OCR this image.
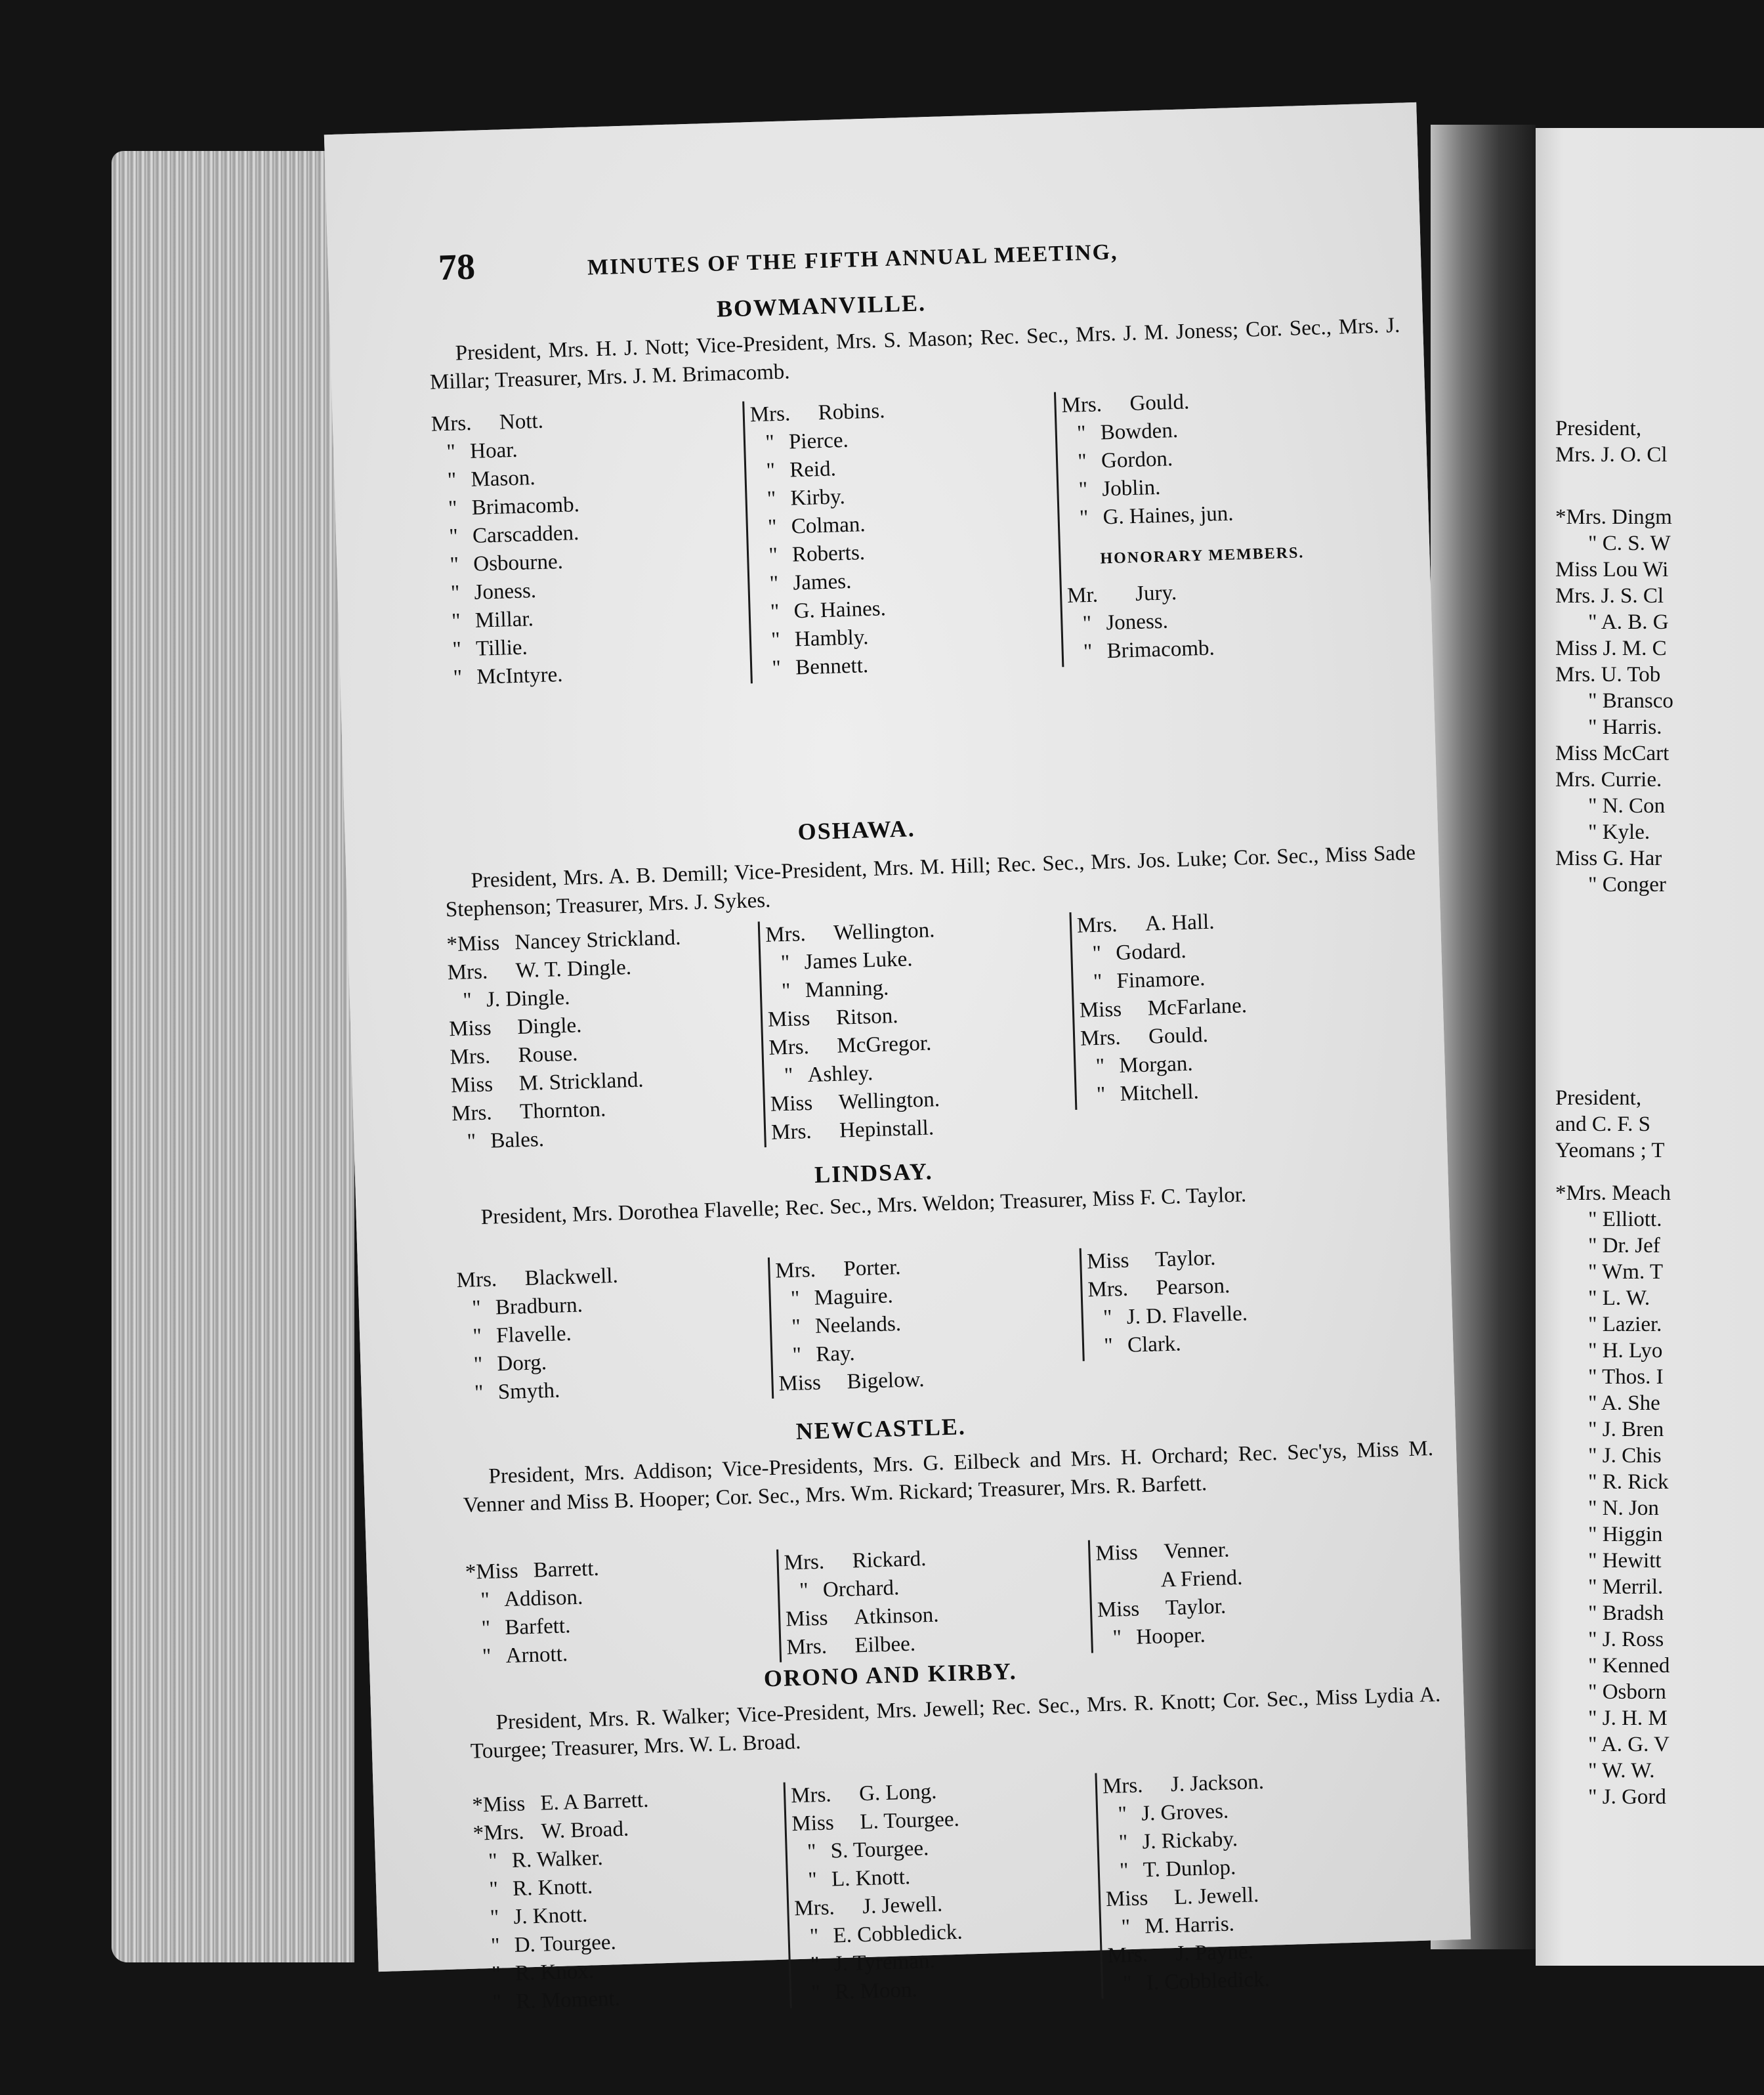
78	MINUTES OF THE FIFTH ANNUAL MEETING,
BOWMANVILLE.
President, Mrs. H. J. Nott; Vice-President, Mrs. S. Mason; Rec. Sec., Mrs. J. M. Joness; Cor. Sec., Mrs. J. Millar; Treasurer, Mrs. J. M. Brimacomb.
Mrs. Nott.
" Hoar.
" Mason.
" Brimacomb.
" Carscadden.
" Osbourne.
" Joness.
" Millar.
" Tillie.
" McIntyre.
Mrs. Robins.
" Pierce.
" Reid.
" Kirby.
" Colman.
" Roberts.
" James.
" G. Haines.
" Hambly.
" Bennett.
Mrs. Gould.
" Bowden.
" Gordon.
" Joblin.
" G. Haines, jun.
HONORARY MEMBERS.
Mr. Jury.
" Joness.
" Brimacomb.
OSHAWA.
President, Mrs. A. B. Demill; Vice-President, Mrs. M. Hill; Rec. Sec., Mrs. Jos. Luke; Cor. Sec., Miss Sade Stephenson; Treasurer, Mrs. J. Sykes.
*Miss Nancey Strickland.
Mrs. W. T. Dingle.
" J. Dingle.
Miss Dingle.
Mrs. Rouse.
Miss M. Strickland.
Mrs. Thornton.
" Bales.
Mrs. Wellington.
" James Luke.
" Manning.
Miss Ritson.
Mrs. McGregor.
" Ashley.
Miss Wellington.
Mrs. Hepinstall.
Mrs. A. Hall.
" Godard.
" Finamore.
Miss McFarlane.
Mrs. Gould.
" Morgan.
" Mitchell.
LINDSAY.
President, Mrs. Dorothea Flavelle; Rec. Sec., Mrs. Weldon; Treasurer, Miss F. C. Taylor.
Mrs. Blackwell.
" Bradburn.
" Flavelle.
" Dorg.
" Smyth.
Mrs. Porter.
" Maguire.
" Neelands.
" Ray.
Miss Bigelow.
Miss Taylor.
Mrs. Pearson.
" J. D. Flavelle.
" Clark.
NEWCASTLE.
President, Mrs. Addison; Vice-Presidents, Mrs. G. Eilbeck and Mrs. H. Orchard; Rec. Sec'ys, Miss M. Venner and Miss B. Hooper; Cor. Sec., Mrs. Wm. Rickard; Treasurer, Mrs. R. Barfett.
*Miss Barrett.
" Addison.
" Barfett.
" Arnott.
Mrs. Rickard.
" Orchard.
Miss Atkinson.
Mrs. Eilbee.
Miss Venner.
A Friend.
Miss Taylor.
" Hooper.
ORONO AND KIRBY.
President, Mrs. R. Walker; Vice-President, Mrs. Jewell; Rec. Sec., Mrs. R. Knott; Cor. Sec., Miss Lydia A. Tourgee; Treasurer, Mrs. W. L. Broad.
*Miss E. A Barrett.
*Mrs. W. Broad.
" R. Walker.
" R. Knott.
" J. Knott.
" D. Tourgee.
" R. Knox.
" R. Moment.
Mrs. G. Long.
Miss L. Tourgee.
" S. Tourgee.
" L. Knott.
Mrs. J. Jewell.
" E. Cobbledick.
" J. Tyreman.
" R. Moon.
Mrs. J. Jackson.
" J. Groves.
" J. Rickaby.
" T. Dunlop.
Miss L. Jewell.
" M. Harris.
Mrs. J. Payne.
" I. Cobbledick.
President,
Mrs. J. O. Cl
*Mrs. Dingm
" C. S. W
Miss Lou Wi
Mrs. J. S. Cl
" A. B. G
Miss J. M. C
Mrs. U. Tob
" Bransco
" Harris.
Miss McCart
Mrs. Currie.
" N. Con
" Kyle.
Miss G. Har
" Conger
President,
and C. F. S
Yeomans ; T
*Mrs. Meach
" Elliott.
" Dr. Jef
" Wm. T
" L. W.
" Lazier.
" H. Lyo
" Thos. I
" A. She
" J. Bren
" J. Chis
" R. Rick
" N. Jon
" Higgin
" Hewitt
" Merril.
" Bradsh
" J. Ross
" Kenned
" Osborn
" J. H. M
" A. G. V
" W. W.
" J. Gord
